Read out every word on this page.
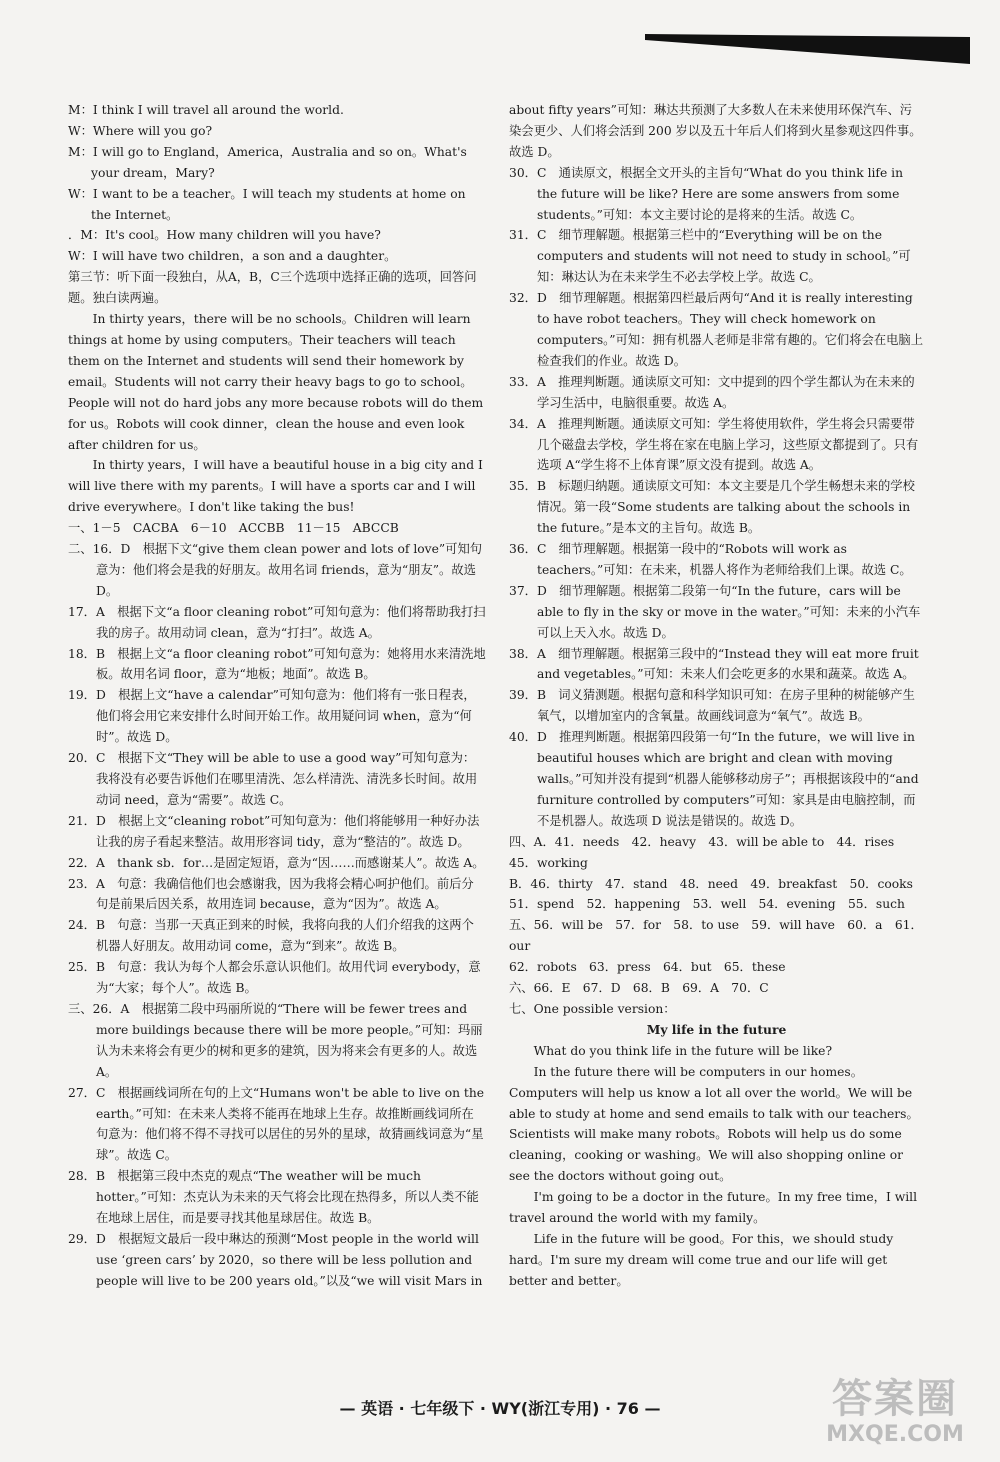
M：I think I will travel all around the world.

W：Where will you go?

M：I will go to England，America，Australia and so on。What's your dream，Mary?

W：I want to be a teacher。I will teach my students at home on the Internet。

．M：It's cool。How many children will you have?

W：I will have two children，a son and a daughter。

第三节：听下面一段独白，从A，B，C三个选项中选择正确的选项，回答问题。独白读两遍。

In thirty years，there will be no schools。Children will learn things at home by using computers。Their teachers will teach them on the Internet and students will send their homework by email。Students will not carry their heavy bags to go to school。People will not do hard jobs any more because robots will do them for us。Robots will cook dinner，clean the house and even look after children for us。

In thirty years，I will have a beautiful house in a big city and I will live there with my parents。I will have a sports car and I will drive everywhere。I don't like taking the bus!

一、1－5　CACBA　6－10　ACCBB　11－15　ABCCB

二、16．D　根据下文“give them clean power and lots of love”可知句意为：他们将会是我的好朋友。故用名词 friends，意为“朋友”。故选 D。

17．A　根据下文“a floor cleaning robot”可知句意为：他们将帮助我打扫我的房子。故用动词 clean，意为“打扫”。故选 A。

18．B　根据上文“a floor cleaning robot”可知句意为：她将用水来清洗地板。故用名词 floor，意为“地板；地面”。故选 B。

19．D　根据上文“have a calendar”可知句意为：他们将有一张日程表，他们将会用它来安排什么时间开始工作。故用疑问词 when，意为“何时”。故选 D。

20．C　根据下文“They will be able to use a good way”可知句意为：我将没有必要告诉他们在哪里清洗、怎么样清洗、清洗多长时间。故用动词 need，意为“需要”。故选 C。

21．D　根据上文“cleaning robot”可知句意为：他们将能够用一种好办法让我的房子看起来整洁。故用形容词 tidy，意为“整洁的”。故选 D。

22．A　thank sb．for…是固定短语，意为“因……而感谢某人”。故选 A。

23．A　句意：我确信他们也会感谢我，因为我将会精心呵护他们。前后分句是前果后因关系，故用连词 because，意为“因为”。故选 A。

24．B　句意：当那一天真正到来的时候，我将向我的人们介绍我的这两个机器人好朋友。故用动词 come，意为“到来”。故选 B。

25．B　句意：我认为每个人都会乐意认识他们。故用代词 everybody，意为“大家；每个人”。故选 B。

三、26．A　根据第二段中玛丽所说的“There will be fewer trees and more buildings because there will be more people。”可知：玛丽认为未来将会有更少的树和更多的建筑，因为将来会有更多的人。故选 A。

27．C　根据画线词所在句的上文“Humans won't be able to live on the earth。”可知：在未来人类将不能再在地球上生存。故推断画线词所在句意为：他们将不得不寻找可以居住的另外的星球，故猜画线词意为“星球”。故选 C。

28．B　根据第三段中杰克的观点“The weather will be much hotter。”可知：杰克认为未来的天气将会比现在热得多，所以人类不能在地球上居住，而是要寻找其他星球居住。故选 B。

29．D　根据短文最后一段中琳达的预测“Most people in the world will use ‘green cars’ by 2020，so there will be less pollution and people will live to be 200 years old。”以及“we will visit Mars in

about fifty years”可知：琳达共预测了大多数人在未来使用环保汽车、污染会更少、人们将会活到 200 岁以及五十年后人们将到火星参观这四件事。故选 D。

30．C　通读原文，根据全文开头的主旨句“What do you think life in the future will be like? Here are some answers from some students。”可知：本文主要讨论的是将来的生活。故选 C。

31．C　细节理解题。根据第三栏中的“Everything will be on the computers and students will not need to study in school。”可知：琳达认为在未来学生不必去学校上学。故选 C。

32．D　细节理解题。根据第四栏最后两句“And it is really interesting to have robot teachers。They will check homework on computers。”可知：拥有机器人老师是非常有趣的。它们将会在电脑上检查我们的作业。故选 D。

33．A　推理判断题。通读原文可知：文中提到的四个学生都认为在未来的学习生活中，电脑很重要。故选 A。

34．A　推理判断题。通读原文可知：学生将使用软件，学生将会只需要带几个磁盘去学校，学生将在家在电脑上学习，这些原文都提到了。只有选项 A“学生将不上体育课”原文没有提到。故选 A。

35．B　标题归纳题。通读原文可知：本文主要是几个学生畅想未来的学校情况。第一段“Some students are talking about the schools in the future。”是本文的主旨句。故选 B。

36．C　细节理解题。根据第一段中的“Robots will work as teachers。”可知：在未来，机器人将作为老师给我们上课。故选 C。

37．D　细节理解题。根据第二段第一句“In the future，cars will be able to fly in the sky or move in the water。”可知：未来的小汽车可以上天入水。故选 D。

38．A　细节理解题。根据第三段中的“Instead they will eat more fruit and vegetables。”可知：未来人们会吃更多的水果和蔬菜。故选 A。

39．B　词义猜测题。根据句意和科学知识可知：在房子里种的树能够产生氧气，以增加室内的含氧量。故画线词意为“氧气”。故选 B。

40．D　推理判断题。根据第四段第一句“In the future，we will live in beautiful houses which are bright and clean with moving walls。”可知并没有提到“机器人能够移动房子”；再根据该段中的“and furniture controlled by computers”可知：家具是由电脑控制，而不是机器人。故选项 D 说法是错误的。故选 D。

四、A．41．needs　42．heavy　43．will be able to　44．rises

45．working

B．46．thirty　47．stand　48．need　49．breakfast　50．cooks

51．spend　52．happening　53．well　54．evening　55．such

五、56．will be　57．for　58．to use　59．will have　60．a　61．our

62．robots　63．press　64．but　65．these

六、66．E　67．D　68．B　69．A　70．C

七、One possible version：

My life in the future

What do you think life in the future will be like?

In the future there will be computers in our homes。Computers will help us know a lot all over the world。We will be able to study at home and send emails to talk with our teachers。Scientists will make many robots。Robots will help us do some cleaning，cooking or washing。We will also shopping online or see the doctors without going out。

I'm going to be a doctor in the future。In my free time，I will travel around the world with my family。

Life in the future will be good。For this，we should study hard。I'm sure my dream will come true and our life will get better and better。

— 英语 · 七年级下 · WY(浙江专用) · 76 —	答案圈
MXQE.COM
